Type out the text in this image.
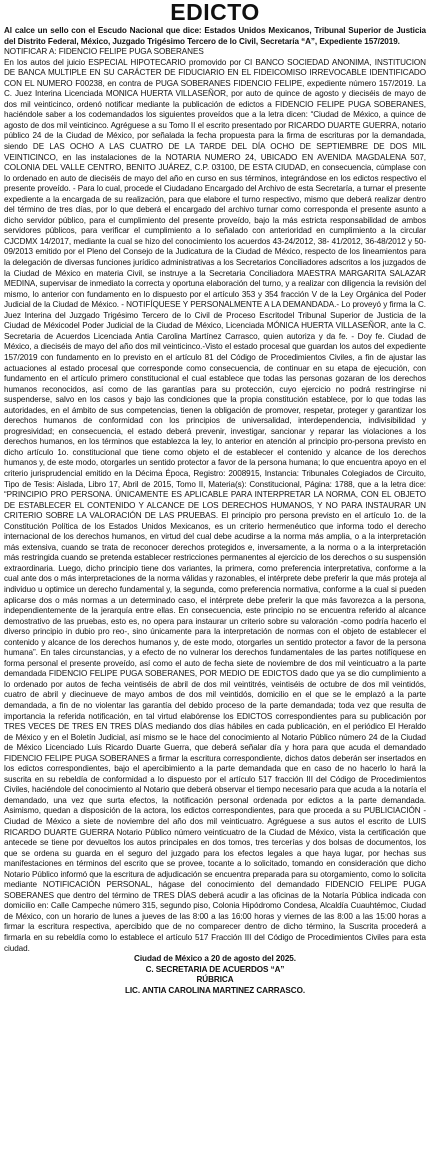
EDICTO

Al calce un sello con el Escudo Nacional que dice: Estados Unidos Mexicanos, Tribunal Superior de Justicia del Distrito Federal, México, Juzgado Trigésimo Tercero de lo Civil, Secretaría “A”, Expediente 157/2019.

NOTIFICAR A: FIDENCIO FELIPE PUGA SOBERANES

En los autos del juicio ESPECIAL HIPOTECARIO promovido por CI BANCO SOCIEDAD ANONIMA, INSTITUCION DE BANCA MULTIPLE EN SU CARÁCTER DE FIDUCIARIO EN EL FIDEICOMISO IRREVOCABLE IDENTIFICADO CON EL NUMERO F00238, en contra de PUGA SOBERANES FIDENCIO FELIPE, expediente número 157/2019. La C. Juez Interina Licenciada MONICA HUERTA VILLASEÑOR, por auto de quince de agosto y dieciséis de mayo de dos mil veinticinco, ordenó notificar mediante la publicación de edictos a FIDENCIO FELIPE PUGA SOBERANES, haciéndole saber a los codemandados los siguientes proveídos que a la letra dicen: “Ciudad de México, a quince de agosto de dos mil veinticinco. Agréguese a su Tomo II el escrito presentado por RICARDO DUARTE GUERRA, notario público 24 de la Ciudad de México, por señalada la fecha propuesta para la firma de escrituras por la demandada, siendo DE LAS OCHO A LAS CUATRO DE LA TARDE DEL DÍA OCHO DE SEPTIEMBRE DE DOS MIL VEINTICINCO, en las instalaciones de la NOTARIA NUMERO 24, UBICADO EN AVENIDA MAGDALENA 507, COLONIA DEL VALLE CENTRO, BENITO JUÁREZ, C.P. 03100, DE ESTA CIUDAD, en consecuencia, cúmplase con lo ordenado en auto de dieciséis de mayo del año en curso en sus términos, integrándose en los edictos respectivo el presente proveído. - Para lo cual, procede el Ciudadano Encargado del Archivo de esta Secretaría, a turnar el presente expediente a la encargada de su realización, para que elabore el turno respectivo, mismo que deberá realizar dentro del término de tres días, por lo que deberá el encargado del archivo turnar como corresponda el presente asunto a dicho servidor público, para el cumplimiento del presente proveído, bajo la más estricta responsabilidad de ambos servidores públicos, para verificar el cumplimiento a lo señalado con anterioridad en cumplimiento a la circular CJCDMX 14/2017, mediante la cual se hizo del conocimiento los acuerdos 43-24/2012, 38- 41/2012, 36-48/2012 y 50-09/2013 emitido por el Pleno del Consejo de la Judicatura de la Ciudad de México, respecto de los lineamientos para la delegación de diversas funciones jurídico administrativas a los Secretarios Conciliadores adscritos a los juzgados de la Ciudad de México en materia Civil, se instruye a la Secretaria Conciliadora MAESTRA MARGARITA SALAZAR MEDINA, supervisar de inmediato la correcta y oportuna elaboración del turno, y a realizar con diligencia la revisión del mismo, lo anterior con fundamento en lo dispuesto por el artículo 353 y 354 fracción V de la Ley Orgánica del Poder Judicial de la Ciudad de México. - NOTIFÍQUESE Y PERSONALMENTE A LA DEMANDADA.- Lo proveyó y firma la C. Juez Interina del Juzgado Trigésimo Tercero de lo Civil de Proceso Escritodel Tribunal Superior de Justicia de la Ciudad de Méxicodel Poder Judicial de la Ciudad de México, Licenciada MÓNICA HUERTA VILLASEÑOR, ante la C. Secretaria de Acuerdos Licenciada Antia Carolina Martínez Carrasco, quien autoriza y da fe. - Doy fe. Ciudad de México, a dieciséis de mayo del año dos mil veinticinco.-Visto el estado procesal que guardan los autos del expediente 157/2019 con fundamento en lo previsto en el artículo 81 del Código de Procedimientos Civiles, a fin de ajustar las actuaciones al estado procesal que corresponde como consecuencia, de continuar en su etapa de ejecución, con fundamento en el artículo primero constitucional el cual establece que todas las personas gozaran de los derechos humanos reconocidos, así como de las garantías para su protección, cuyo ejercicio no podrá restringirse ni suspenderse, salvo en los casos y bajo las condiciones que la propia constitución establece, por lo que todas las autoridades, en el ámbito de sus competencias, tienen la obligación de promover, respetar, proteger y garantizar los derechos humanos de conformidad con los principios de universalidad, interdependencia, indivisibilidad y progresividad; en consecuencia, el estado deberá prevenir, investigar, sancionar y reparar las violaciones a los derechos humanos, en los términos que establezca la ley, lo anterior en atención al principio pro-persona previsto en dicho artículo 1o. constitucional que tiene como objeto el de establecer el contenido y alcance de los derechos humanos y, de este modo, otorgarles un sentido protector a favor de la persona humana; lo que encuentra apoyo en el criterio jurisprudencial emitido en la Décima Época, Registro: 2008915, Instancia: Tribunales Colegiados de Circuito, Tipo de Tesis: Aislada, Libro 17, Abril de 2015, Tomo II, Materia(s): Constitucional, Página: 1788, que a la letra dice: “PRINCIPIO PRO PERSONA. ÚNICAMENTE ES APLICABLE PARA INTERPRETAR LA NORMA, CON EL OBJETO DE ESTABLECER EL CONTENIDO Y ALCANCE DE LOS DERECHOS HUMANOS, Y NO PARA INSTAURAR UN CRITERIO SOBRE LA VALORACIÓN DE LAS PRUEBAS. El principio pro persona previsto en el artículo 1o. de la Constitución Política de los Estados Unidos Mexicanos, es un criterio hermenéutico que informa todo el derecho internacional de los derechos humanos, en virtud del cual debe acudirse a la norma más amplia, o a la interpretación más extensiva, cuando se trata de reconocer derechos protegidos e, inversamente, a la norma o a la interpretación más restringida cuando se pretenda establecer restricciones permanentes al ejercicio de los derechos o su suspensión extraordinaria. Luego, dicho principio tiene dos variantes, la primera, como preferencia interpretativa, conforme a la cual ante dos o más interpretaciones de la norma válidas y razonables, el intérprete debe preferir la que más proteja al individuo u optimice un derecho fundamental y, la segunda, como preferencia normativa, conforme a la cual si pueden aplicarse dos o más normas a un determinado caso, el intérprete debe preferir la que más favorezca a la persona, independientemente de la jerarquía entre ellas. En consecuencia, este principio no se encuentra referido al alcance demostrativo de las pruebas, esto es, no opera para instaurar un criterio sobre su valoración -como podría hacerlo el diverso principio in dubio pro reo-, sino únicamente para la interpretación de normas con el objeto de establecer el contenido y alcance de los derechos humanos y, de este modo, otorgarles un sentido protector a favor de la persona humana”. En tales circunstancias, y a efecto de no vulnerar los derechos fundamentales de las partes notifíquese en forma personal el presente proveído, así como el auto de fecha siete de noviembre de dos mil veinticuatro a la parte demandada FIDENCIO FELIPE PUGA SOBERANES, POR MEDIO DE EDICTOS dado que ya se dio cumplimiento a lo ordenado por autos de fecha veintiséis de abril de dos mil veintitrés, veintiséis de octubre de dos mil veintidós, cuatro de abril y diecinueve de mayo ambos de dos mil veintidós, domicilio en el que se le emplazó a la parte demandada, a fin de no violentar las garantía del debido proceso de la parte demandada; toda vez que resulta de importancia la referida notificación, en tal virtud elabórense los EDICTOS correspondientes para su publicación por TRES VECES DE TRES EN TRES DÍAS mediando dos días hábiles en cada publicación, en el periódico El Heraldo de México y en el Boletín Judicial, así mismo se le hace del conocimiento al Notario Público número 24 de la Ciudad de México Licenciado Luis Ricardo Duarte Guerra, que deberá señalar día y hora para que acuda el demandado FIDENCIO FELIPE PUGA SOBERANES a firmar la escritura correspondiente, dichos datos deberán ser insertados en los edictos correspondientes, bajo el apercibimiento a la parte demandada que en caso de no hacerlo lo hará la suscrita en su rebeldía de conformidad a lo dispuesto por el artículo 517 fracción III del Código de Procedimientos Civiles, haciéndole del conocimiento al Notario que deberá observar el tiempo necesario para que acuda a la notaría el demandado, una vez que surta efectos, la notificación personal ordenada por edictos a la parte demandada. Asimismo, quedan a disposición de la actora, los edictos correspondientes, para que proceda a su PUBLICIACIÓN - Ciudad de México a siete de noviembre del año dos mil veinticuatro. Agréguese a sus autos el escrito de LUIS RICARDO DUARTE GUERRA Notario Público número veinticuatro de la Ciudad de México, vista la certificación que antecede se tiene por devueltos los autos principales en dos tomos, tres tercerías y dos bolsas de documentos, los que se ordena su guarda en el seguro del juzgado para los efectos legales a que haya lugar, por hechas sus manifestaciones en términos del escrito que se provee, tocante a lo solicitado, tomando en consideración que dicho Notario Público informó que la escritura de adjudicación se encuentra preparada para su otorgamiento, como lo solicita mediante NOTIFICACIÓN PERSONAL, hágase del conocimiento del demandado FIDENCIO FELIPE PUGA SOBERANES que dentro del término de TRES DÍAS deberá acudir a las oficinas de la Notaría Pública indicada con domicilio en: Calle Campeche número 315, segundo piso, Colonia Hipódromo Condesa, Alcaldía Cuauhtémoc, Ciudad de México, con un horario de lunes a jueves de las 8:00 a las 16:00 horas y viernes de las 8:00 a las 15:00 horas a firmar la escritura respectiva, apercibido que de no comparecer dentro de dicho término, la Suscrita procederá a firmarla en su rebeldía como lo establece el artículo 517 Fracción III del Código de Procedimientos Civiles para esta ciudad.

Ciudad de México a 20 de agosto del 2025.

C. SECRETARIA DE ACUERDOS “A”

RÚBRICA

LIC. ANTIA CAROLINA MARTINEZ CARRASCO.
